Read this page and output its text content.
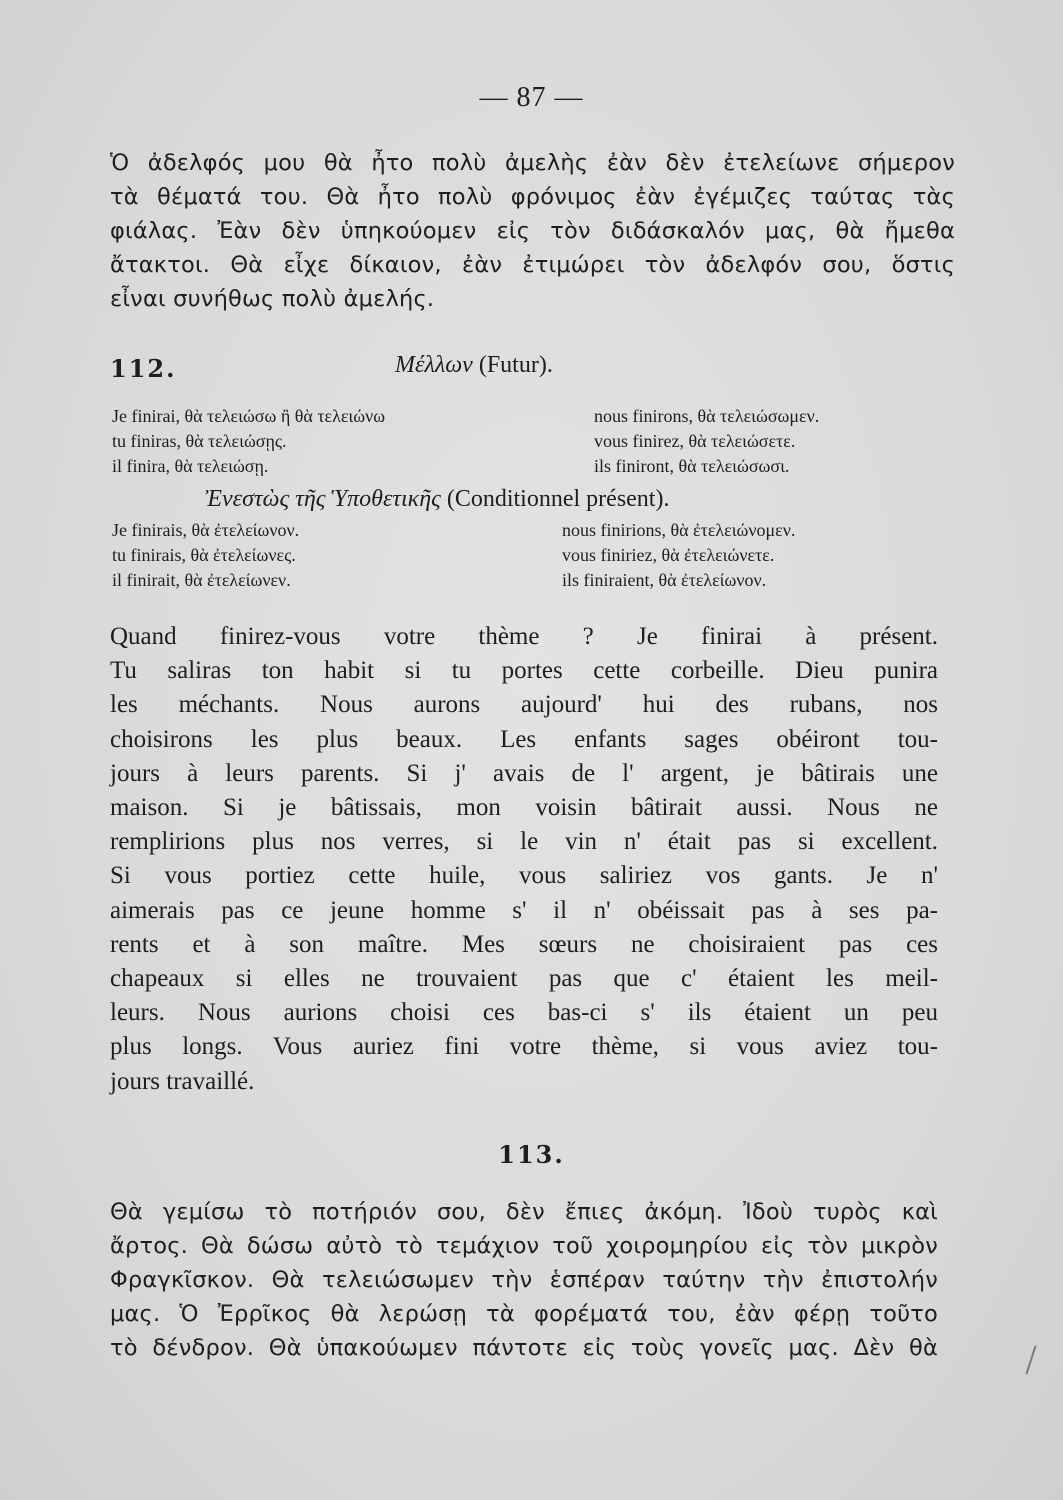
— 87 —
Ὁ ἀδελφός μου θὰ ἦτο πολὺ ἀμελὴς ἐὰν δὲν ἐτελείωνε σήμερον
τὰ θέματά του. Θὰ ἦτο πολὺ φρόνιμος ἐὰν ἐγέμιζες ταύτας τὰς
φιάλας. Ἐὰν δὲν ὑπηκούομεν εἰς τὸν διδάσκαλόν μας, θὰ ἤμεθα
ἄτακτοι. Θὰ εἶχε δίκαιον, ἐὰν ἐτιμώρει τὸν ἀδελφόν σου, ὅστις
εἶναι συνήθως πολὺ ἀμελής.
112.	Μέλλων (Futur).
Je finirai, θὰ τελειώσω ἢ θὰ τελειώνω	nous finirons, θὰ τελειώσωμεν.
tu finiras, θὰ τελειώσῃς.	vous finirez, θὰ τελειώσετε.
il finira, θὰ τελειώσῃ.	ils finiront, θὰ τελειώσωσι.
Ἐνεστὼς τῆς Ὑποθετικῆς (Conditionnel présent).
Je finirais, θὰ ἐτελείωνον.	nous finirions, θὰ ἐτελειώνομεν.
tu finirais, θὰ ἐτελείωνες.	vous finiriez, θὰ ἐτελειώνετε.
il finirait, θὰ ἐτελείωνεν.	ils finiraient, θὰ ἐτελείωνον.
Quand finirez-vous votre thème ? Je finirai à présent.
Tu saliras ton habit si tu portes cette corbeille. Dieu punira
les méchants. Nous aurons aujourd' hui des rubans, nos
choisirons les plus beaux. Les enfants sages obéiront tou-
jours à leurs parents. Si j' avais de l' argent, je bâtirais une
maison. Si je bâtissais, mon voisin bâtirait aussi. Nous ne
remplirions plus nos verres, si le vin n' était pas si excellent.
Si vous portiez cette huile, vous saliriez vos gants. Je n'
aimerais pas ce jeune homme s' il n' obéissait pas à ses pa-
rents et à son maître. Mes sœurs ne choisiraient pas ces
chapeaux si elles ne trouvaient pas que c' étaient les meil-
leurs. Nous aurions choisi ces bas-ci s' ils étaient un peu
plus longs. Vous auriez fini votre thème, si vous aviez tou-
jours travaillé.
113.
Θὰ γεμίσω τὸ ποτήριόν σου, δὲν ἔπιες ἀκόμη. Ἰδοὺ τυρὸς καὶ
ἄρτος. Θὰ δώσω αὐτὸ τὸ τεμάχιον τοῦ χοιρομηρίου εἰς τὸν μικρὸν
Φραγκῖσκον. Θὰ τελειώσωμεν τὴν ἑσπέραν ταύτην τὴν ἐπιστολήν
μας. Ὁ Ἐρρῖκος θὰ λερώσῃ τὰ φορέματά του, ἐὰν φέρῃ τοῦτο
τὸ δένδρον. Θὰ ὑπακούωμεν πάντοτε εἰς τοὺς γονεῖς μας. Δὲν θὰ
